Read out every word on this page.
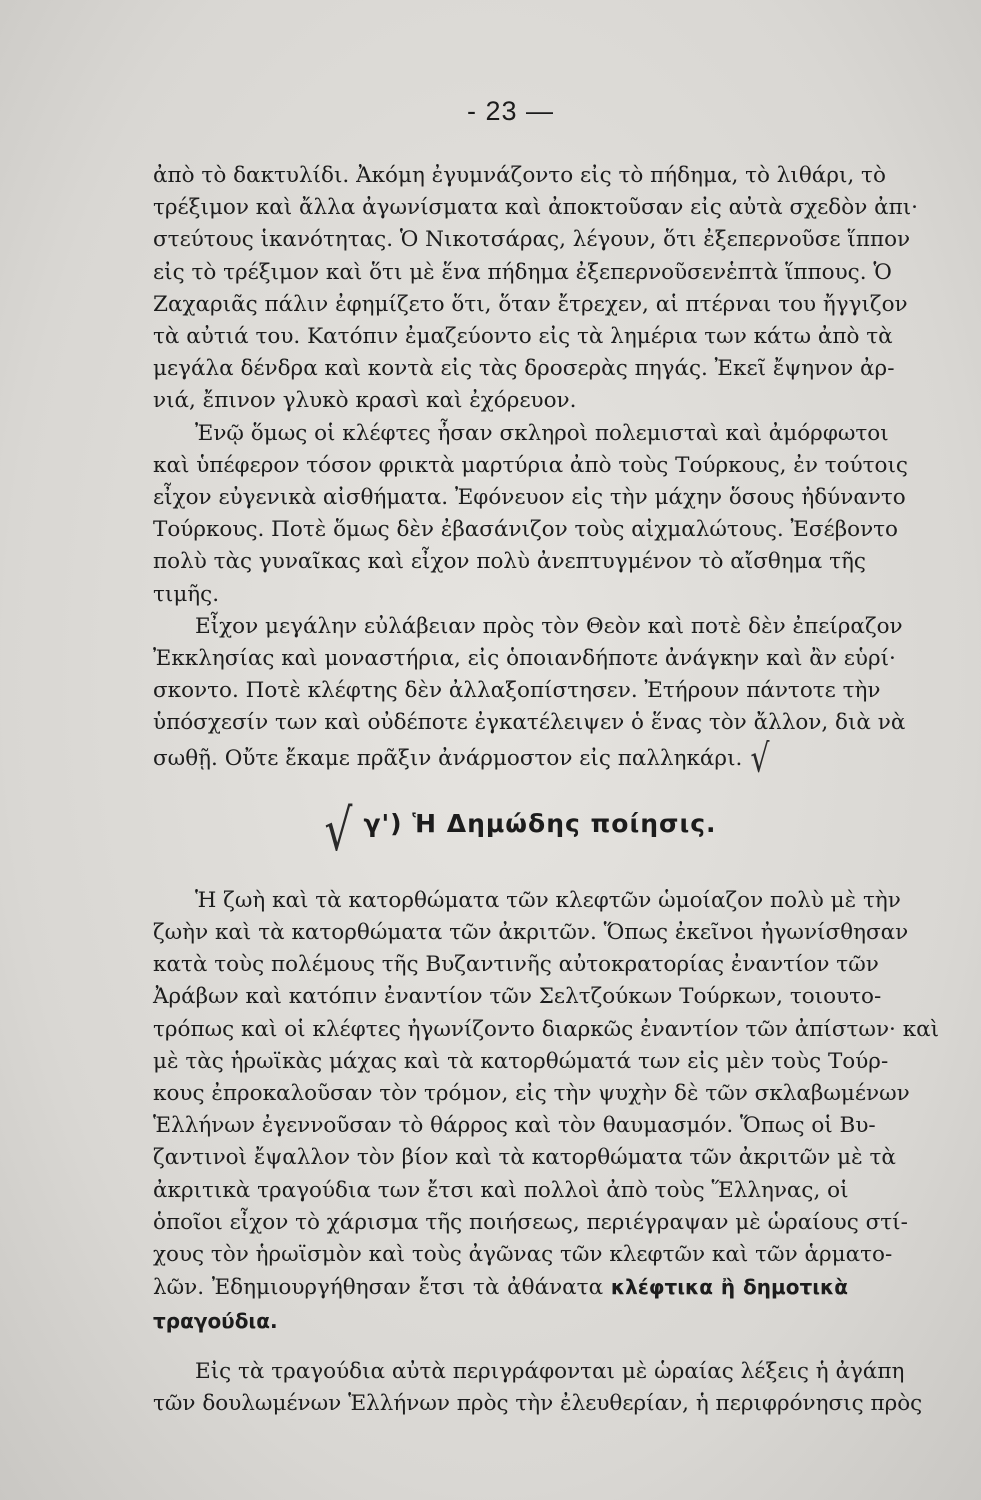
- 23 —
ἀπὸ τὸ δακτυλίδι. Ἀκόμη ἐγυμνάζοντο εἰς τὸ πήδημα, τὸ λιθάρι, τὸ
τρέξιμον καὶ ἄλλα ἀγωνίσματα καὶ ἀποκτοῦσαν εἰς αὐτὰ σχεδὸν ἀπι·
στεύτους ἱκανότητας. Ὁ Νικοτσάρας, λέγουν, ὅτι ἐξεπερνοῦσε ἵππον
εἰς τὸ τρέξιμον καὶ ὅτι μὲ ἕνα πήδημα ἐξεπερνοῦσενἑπτὰ ἵππους. Ὁ
Ζαχαριᾶς πάλιν ἐφημίζετο ὅτι, ὅταν ἔτρεχεν, αἱ πτέρναι του ἤγγιζον
τὰ αὐτιά του. Κατόπιν ἐμαζεύοντο εἰς τὰ λημέρια των κάτω ἀπὸ τὰ
μεγάλα δένδρα καὶ κοντὰ εἰς τὰς δροσερὰς πηγάς. Ἐκεῖ ἔψηνον ἀρ-
νιά, ἔπινον γλυκὸ κρασὶ καὶ ἐχόρευον.
Ἐνῷ ὅμως οἱ κλέφτες ἦσαν σκληροὶ πολεμισταὶ καὶ ἀμόρφωτοι
καὶ ὑπέφερον τόσον φρικτὰ μαρτύρια ἀπὸ τοὺς Τούρκους, ἐν τούτοις
εἶχον εὐγενικὰ αἰσθήματα. Ἐφόνευον εἰς τὴν μάχην ὅσους ἠδύναντο
Τούρκους. Ποτὲ ὅμως δὲν ἐβασάνιζον τοὺς αἰχμαλώτους. Ἐσέβοντο
πολὺ τὰς γυναῖκας καὶ εἶχον πολὺ ἀνεπτυγμένον τὸ αἴσθημα τῆς
τιμῆς.
Εἶχον μεγάλην εὐλάβειαν πρὸς τὸν Θεὸν καὶ ποτὲ δὲν ἐπείραζον
Ἐκκλησίας καὶ μοναστήρια, εἰς ὁποιανδήποτε ἀνάγκην καὶ ἂν εὑρί·
σκοντο. Ποτὲ κλέφτης δὲν ἀλλαξοπίστησεν. Ἐτήρουν πάντοτε τὴν
ὑπόσχεσίν των καὶ οὐδέποτε ἐγκατέλειψεν ὁ ἕνας τὸν ἄλλον, διὰ νὰ
σωθῇ. Οὔτε ἔκαμε πρᾶξιν ἀνάρμοστον εἰς παλληκάρι. √
√ γ') Ἡ Δημώδης ποίησις.
Ἡ ζωὴ καὶ τὰ κατορθώματα τῶν κλεφτῶν ὡμοίαζον πολὺ μὲ τὴν
ζωὴν καὶ τὰ κατορθώματα τῶν ἀκριτῶν. Ὅπως ἐκεῖνοι ἠγωνίσθησαν
κατὰ τοὺς πολέμους τῆς Βυζαντινῆς αὐτοκρατορίας ἐναντίον τῶν
Ἀράβων καὶ κατόπιν ἐναντίον τῶν Σελτζούκων Τούρκων, τοιουτο-
τρόπως καὶ οἱ κλέφτες ἠγωνίζοντο διαρκῶς ἐναντίον τῶν ἀπίστων· καὶ
μὲ τὰς ἡρωϊκὰς μάχας καὶ τὰ κατορθώματά των εἰς μὲν τοὺς Τούρ-
κους ἐπροκαλοῦσαν τὸν τρόμον, εἰς τὴν ψυχὴν δὲ τῶν σκλαβωμένων
Ἑλλήνων ἐγεννοῦσαν τὸ θάρρος καὶ τὸν θαυμασμόν. Ὅπως οἱ Βυ-
ζαντινοὶ ἔψαλλον τὸν βίον καὶ τὰ κατορθώματα τῶν ἀκριτῶν μὲ τὰ
ἀκριτικὰ τραγούδια των ἔτσι καὶ πολλοὶ ἀπὸ τοὺς Ἕλληνας, οἱ
ὁποῖοι εἶχον τὸ χάρισμα τῆς ποιήσεως, περιέγραψαν μὲ ὡραίους στί-
χους τὸν ἡρωϊσμὸν καὶ τοὺς ἀγῶνας τῶν κλεφτῶν καὶ τῶν ἁρματο-
λῶν. Ἐδημιουργήθησαν ἔτσι τὰ ἀθάνατα κλέφτικα ἢ δημοτικὰ
τραγούδια.
Εἰς τὰ τραγούδια αὐτὰ περιγράφονται μὲ ὡραίας λέξεις ἡ ἀγάπη
τῶν δουλωμένων Ἑλλήνων πρὸς τὴν ἐλευθερίαν, ἡ περιφρόνησις πρὸς
